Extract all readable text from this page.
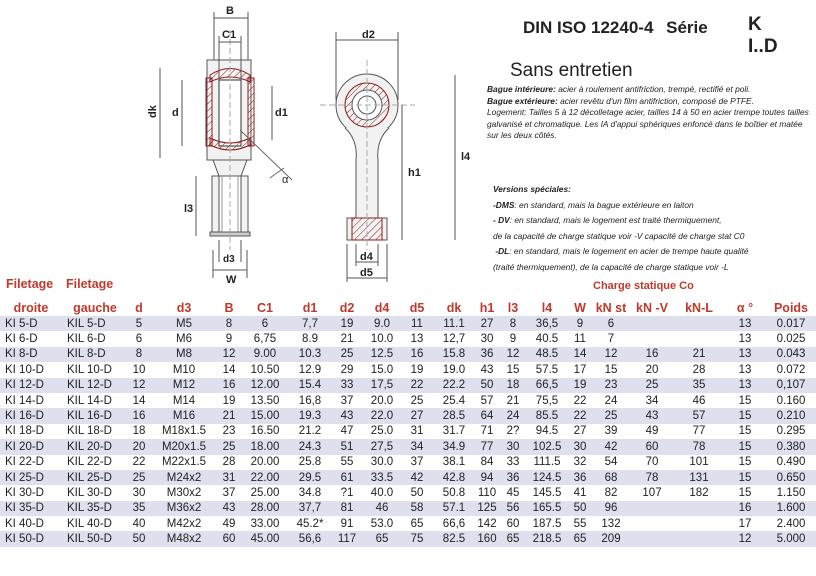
B
C1
dk d	d1
α
l3
d3
W
d2
l4
h1
d4
d5
DIN ISO 12240-4 Série K I..D
Sans entretien
Bague intérieure: acier à roulement antifriction, trempé, rectifié et poli.
Bague extérieure: acier revêtu d'un film antifriction, composé de PTFE.
Logement: Tailles 5 à 12 décolletage acier, tailles 14 à 50 en acier trempe toutes tailles galvanisé et chromatique. Les IA d'appui sphériques enfoncé dans le boîtier et matée sur les deux côtés.
Versions spéciales:
-DMS: en standard, mais la bague extérieure en laiton
- DV: en standard, mais le logement est traité thermiquement,
de la capacité de charge statique voir -V capacité de charge stat C0
-DL: en standard, mais le logement en acier de trempe haute qualité
(traité thermiquement), de la capacité de charge statique voir -L
Filetage Filetage	Charge statique Co
droite	gauche	d	d3	B	C1	d1	d2	d4	d5	dk	h1	l3	l4	W	kN st	kN -V	kN-L	α °	Poids
KI 5-D	KIL 5-D	5	M5	8	6	7,7	19	9.0	11	11.1	27	8	36,5	9	6			13	0.017
KI 6-D	KIL 6-D	6	M6	9	6,75	8.9	21	10.0	13	12,7	30	9	40.5	11	7			13	0.025
KI 8-D	KIL 8-D	8	M8	12	9.00	10.3	25	12.5	16	15.8	36	12	48.5	14	12	16	21	13	0.043
KI 10-D	KIL 10-D	10	M10	14	10.50	12.9	29	15.0	19	19.0	43	15	57.5	17	15	20	28	13	0.072
KI 12-D	KIL 12-D	12	M12	16	12.00	15.4	33	17,5	22	22.2	50	18	66,5	19	23	25	35	13	0,107
KI 14-D	KIL 14-D	14	M14	19	13.50	16,8	37	20.0	25	25.4	57	21	75,5	22	24	34	46	15	0.160
KI 16-D	KIL 16-D	16	M16	21	15.00	19.3	43	22.0	27	28.5	64	24	85.5	22	25	43	57	15	0.210
KI 18-D	KIL 18-D	18	M18x1.5	23	16.50	21.2	47	25.0	31	31.7	71	2?	94.5	27	39	49	77	15	0.295
KI 20-D	KIL 20-D	20	M20x1.5	25	18.00	24.3	51	27,5	34	34.9	77	30	102.5	30	42	60	78	15	0.380
KI 22-D	KIL 22-D	22	M22x1.5	28	20.00	25.8	55	30.0	37	38.1	84	33	111.5	32	54	70	101	15	0.490
KI 25-D	KIL 25-D	25	M24x2	31	22.00	29.5	61	33.5	42	42.8	94	36	124.5	36	68	78	131	15	0.650
KI 30-D	KIL 30-D	30	M30x2	37	25.00	34.8	?1	40.0	50	50.8	110	45	145.5	41	82	107	182	15	1.150
KI 35-D	KIL 35-D	35	M36x2	43	28.00	37,7	81	46	58	57.1	125	56	165.5	50	96			16	1.600
KI 40-D	KIL 40-D	40	M42x2	49	33.00	45.2*	91	53.0	65	66,6	142	60	187.5	55	132			17	2.400
KI 50-D	KIL 50-D	50	M48x2	60	45.00	56,6	117	65	75	82.5	160	65	218.5	65	209			12	5.000
